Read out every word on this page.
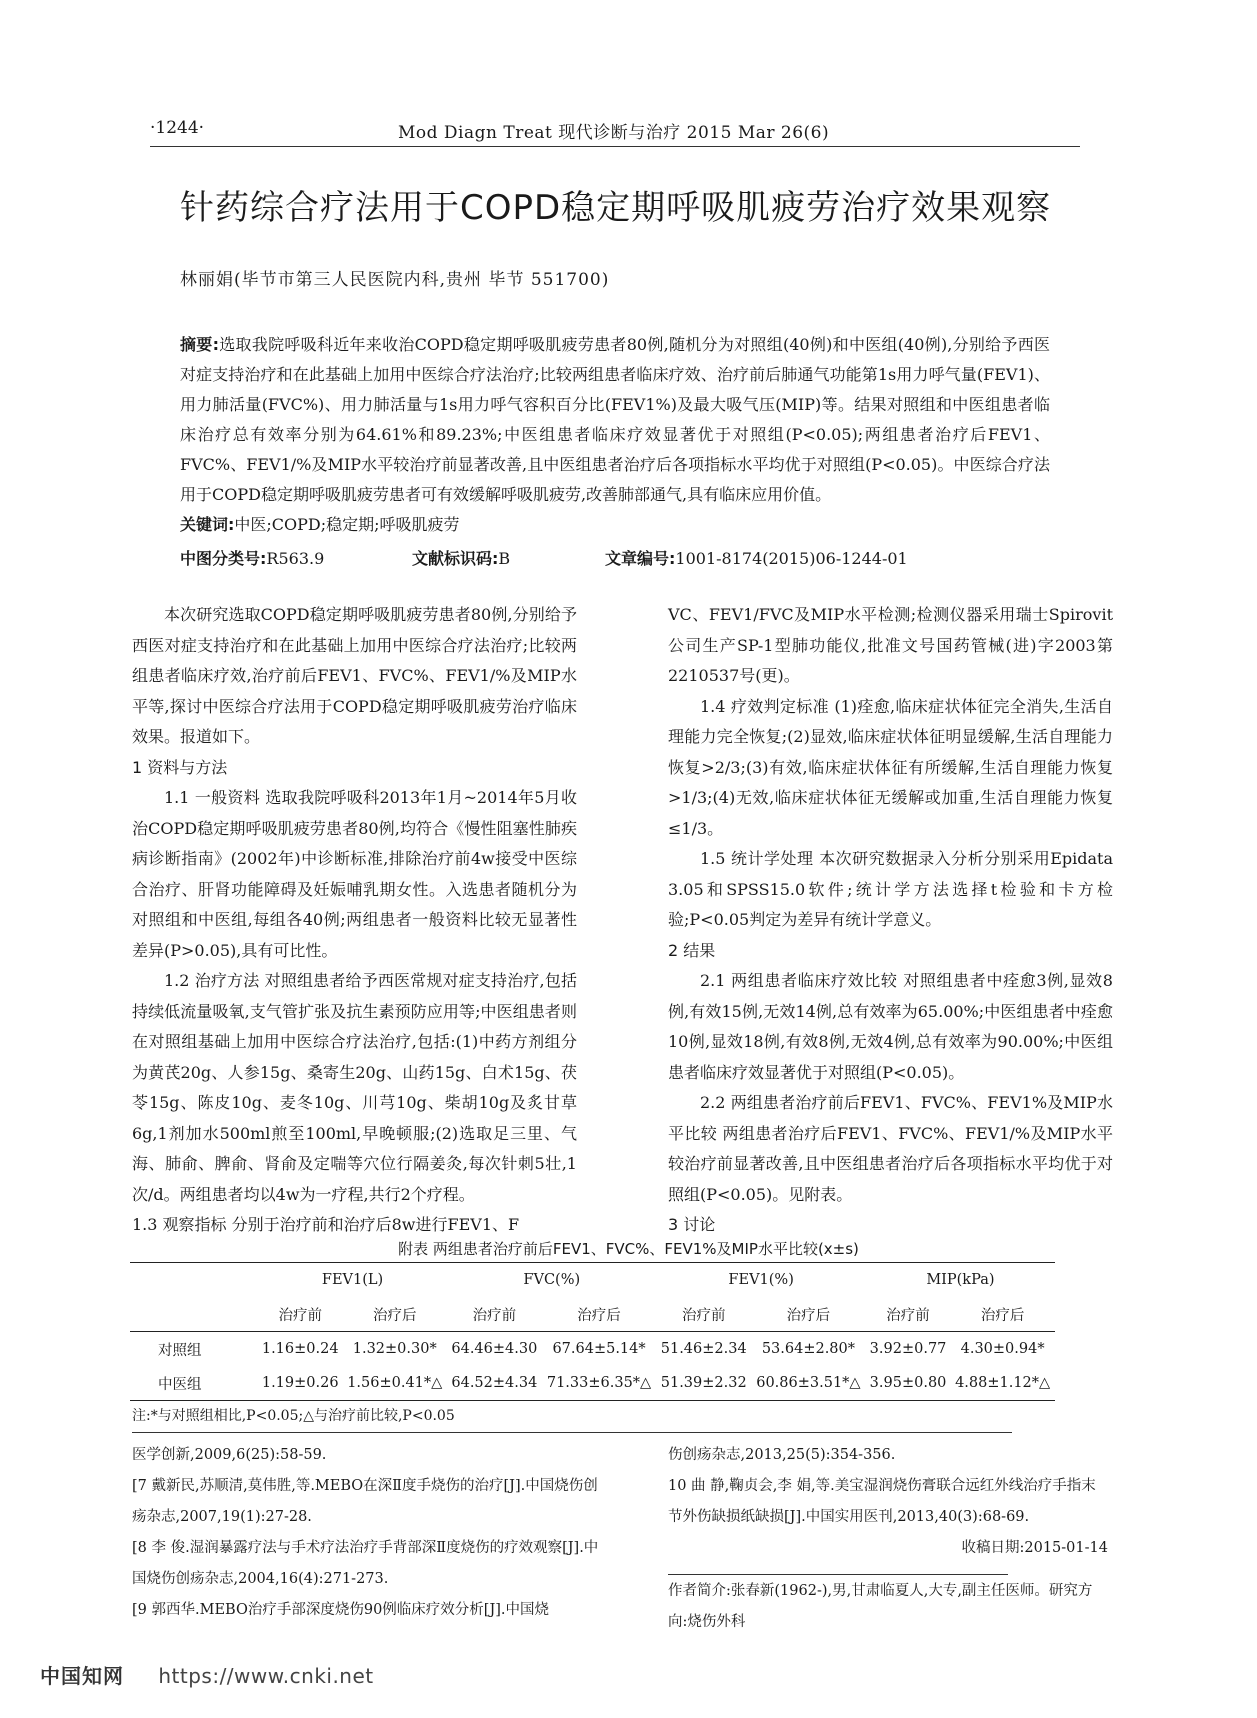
·1244·	Mod Diagn Treat 现代诊断与治疗 2015 Mar 26(6)
针药综合疗法用于COPD稳定期呼吸肌疲劳治疗效果观察
林丽娟(毕节市第三人民医院内科,贵州 毕节 551700)
摘要:选取我院呼吸科近年来收治COPD稳定期呼吸肌疲劳患者80例,随机分为对照组(40例)和中医组(40例),分别给予西医对症支持治疗和在此基础上加用中医综合疗法治疗;比较两组患者临床疗效、治疗前后肺通气功能第1s用力呼气量(FEV1)、用力肺活量(FVC%)、用力肺活量与1s用力呼气容积百分比(FEV1%)及最大吸气压(MIP)等。结果对照组和中医组患者临床治疗总有效率分别为64.61%和89.23%;中医组患者临床疗效显著优于对照组(P<0.05);两组患者治疗后FEV1、FVC%、FEV1/%及MIP水平较治疗前显著改善,且中医组患者治疗后各项指标水平均优于对照组(P<0.05)。中医综合疗法用于COPD稳定期呼吸肌疲劳患者可有效缓解呼吸肌疲劳,改善肺部通气,具有临床应用价值。
关键词:中医;COPD;稳定期;呼吸肌疲劳
中图分类号:R563.9	文献标识码:B	文章编号:1001-8174(2015)06-1244-01

本次研究选取COPD稳定期呼吸肌疲劳患者80例,分别给予西医对症支持治疗和在此基础上加用中医综合疗法治疗;比较两组患者临床疗效,治疗前后FEV1、FVC%、FEV1/%及MIP水平等,探讨中医综合疗法用于COPD稳定期呼吸肌疲劳治疗临床效果。报道如下。

1 资料与方法

1.1 一般资料 选取我院呼吸科2013年1月~2014年5月收治COPD稳定期呼吸肌疲劳患者80例,均符合《慢性阻塞性肺疾病诊断指南》(2002年)中诊断标准,排除治疗前4w接受中医综合治疗、肝肾功能障碍及妊娠哺乳期女性。入选患者随机分为对照组和中医组,每组各40例;两组患者一般资料比较无显著性差异(P>0.05),具有可比性。

1.2 治疗方法 对照组患者给予西医常规对症支持治疗,包括持续低流量吸氧,支气管扩张及抗生素预防应用等;中医组患者则在对照组基础上加用中医综合疗法治疗,包括:(1)中药方剂组分为黄芪20g、人参15g、桑寄生20g、山药15g、白术15g、茯苓15g、陈皮10g、麦冬10g、川芎10g、柴胡10g及炙甘草6g,1剂加水500ml煎至100ml,早晚顿服;(2)选取足三里、气海、肺俞、脾俞、肾俞及定喘等穴位行隔姜灸,每次针刺5壮,1次/d。两组患者均以4w为一疗程,共行2个疗程。

1.3 观察指标 分别于治疗前和治疗后8w进行FEV1、F

VC、FEV1/FVC及MIP水平检测;检测仪器采用瑞士Spirovit公司生产SP-1型肺功能仪,批准文号国药管械(进)字2003第2210537号(更)。

1.4 疗效判定标准 (1)痊愈,临床症状体征完全消失,生活自理能力完全恢复;(2)显效,临床症状体征明显缓解,生活自理能力恢复>2/3;(3)有效,临床症状体征有所缓解,生活自理能力恢复>1/3;(4)无效,临床症状体征无缓解或加重,生活自理能力恢复≤1/3。

1.5 统计学处理 本次研究数据录入分析分别采用Epidata 3.05和SPSS15.0软件;统计学方法选择t检验和卡方检验;P<0.05判定为差异有统计学意义。

2 结果

2.1 两组患者临床疗效比较 对照组患者中痊愈3例,显效8例,有效15例,无效14例,总有效率为65.00%;中医组患者中痊愈10例,显效18例,有效8例,无效4例,总有效率为90.00%;中医组患者临床疗效显著优于对照组(P<0.05)。

2.2 两组患者治疗前后FEV1、FVC%、FEV1%及MIP水平比较 两组患者治疗后FEV1、FVC%、FEV1/%及MIP水平较治疗前显著改善,且中医组患者治疗后各项指标水平均优于对照组(P<0.05)。见附表。

3 讨论

附表 两组患者治疗前后FEV1、FVC%、FEV1%及MIP水平比较(x±s)
	FEV1(L)		FVC(%)		FEV1(%)		MIP(kPa)	
	治疗前	治疗后	治疗前	治疗后	治疗前	治疗后	治疗前	治疗后
对照组	1.16±0.24	1.32±0.30*	64.46±4.30	67.64±5.14*	51.46±2.34	53.64±2.80*	3.92±0.77	4.30±0.94*
中医组	1.19±0.26	1.56±0.41*△	64.52±4.34	71.33±6.35*△	51.39±2.32	60.86±3.51*△	3.95±0.80	4.88±1.12*△
注:*与对照组相比,P<0.05;△与治疗前比较,P<0.05

医学创新,2009,6(25):58-59.

[7 戴新民,苏顺清,莫伟胜,等.MEBO在深Ⅱ度手烧伤的治疗[J].中国烧伤创疡杂志,2007,19(1):27-28.

[8 李 俊.湿润暴露疗法与手术疗法治疗手背部深Ⅱ度烧伤的疗效观察[J].中国烧伤创疡杂志,2004,16(4):271-273.

[9 郭西华.MEBO治疗手部深度烧伤90例临床疗效分析[J].中国烧

伤创疡杂志,2013,25(5):354-356.

10 曲 静,鞠贞会,李 娟,等.美宝湿润烧伤膏联合远红外线治疗手指末节外伤缺损纸缺损[J].中国实用医刊,2013,40(3):68-69.

收稿日期:2015-01-14

作者简介:张春新(1962-),男,甘肃临夏人,大专,副主任医师。研究方向:烧伤外科

中国知网 https://www.cnki.net
